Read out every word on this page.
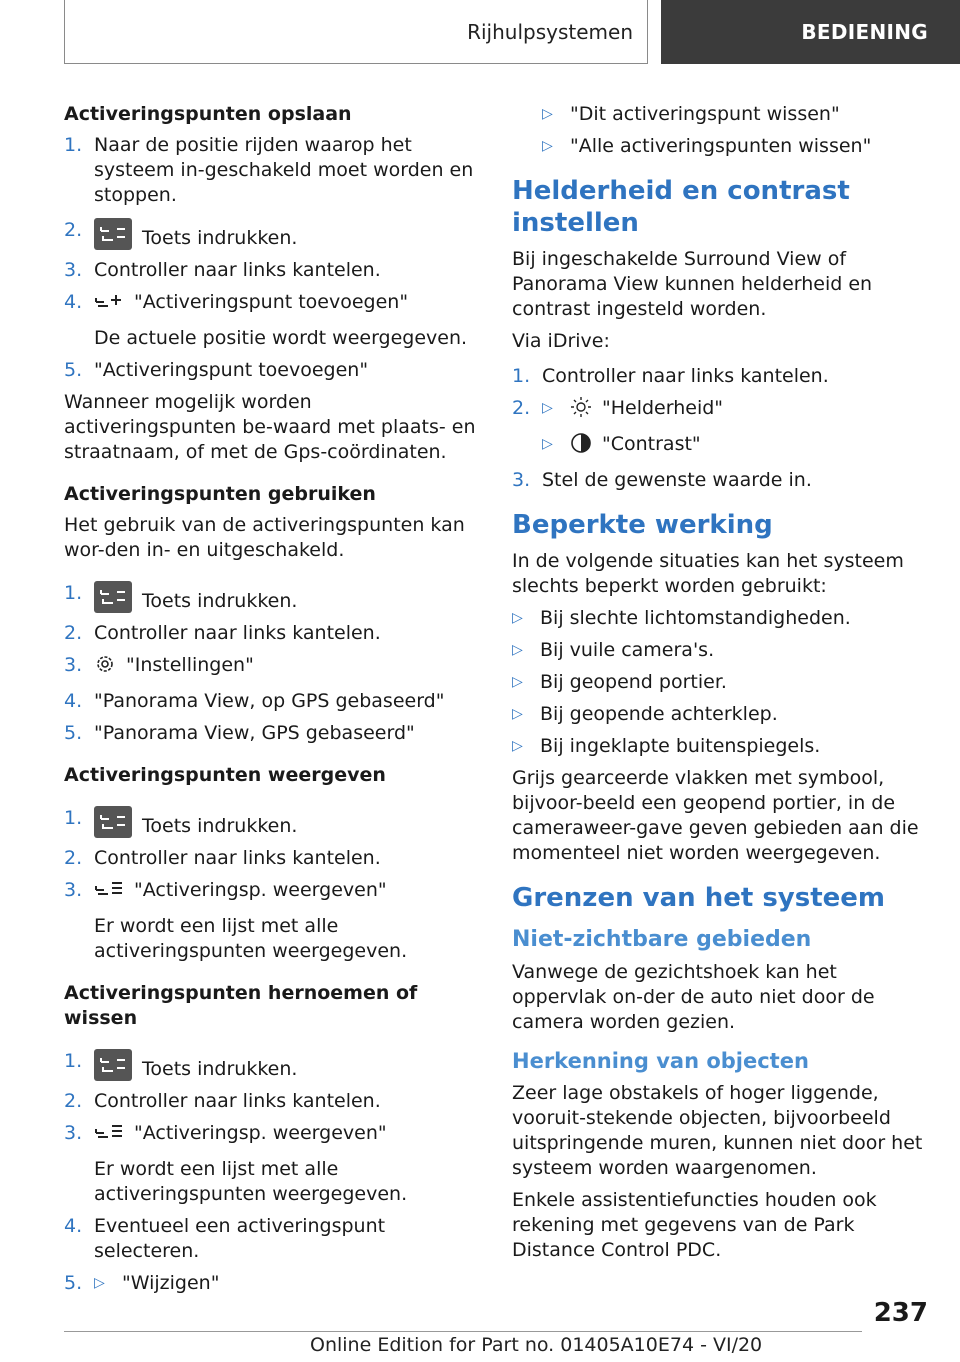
Rijhulpsystemen	BEDIENING
Activeringspunten opslaan
1. Naar de positie rijden waarop het systeem in-geschakeld moet worden en stoppen.
2.	Toets indrukken.
3. Controller naar links kantelen.
4.	"Activeringspunt toevoegen"
De actuele positie wordt weergegeven.
5. "Activeringspunt toevoegen"
Wanneer mogelijk worden activeringspunten be-waard met plaats- en straatnaam, of met de Gps-coördinaten.
Activeringspunten gebruiken
Het gebruik van de activeringspunten kan wor-den in- en uitgeschakeld.
1.	Toets indrukken.
2. Controller naar links kantelen.
3.	"Instellingen"
4. "Panorama View, op GPS gebaseerd"
5. "Panorama View, GPS gebaseerd"
Activeringspunten weergeven
1.	Toets indrukken.
2. Controller naar links kantelen.
3.	"Activeringsp. weergeven"
Er wordt een lijst met alle activeringspunten weergegeven.
Activeringspunten hernoemen of wissen
1.	Toets indrukken.
2. Controller naar links kantelen.
3.	"Activeringsp. weergeven"
Er wordt een lijst met alle activeringspunten weergegeven.
4. Eventueel een activeringspunt selecteren.
5. ▷ "Wijzigen"
▷ "Dit activeringspunt wissen"
▷ "Alle activeringspunten wissen"
Helderheid en contrast instellen
Bij ingeschakelde Surround View of Panorama View kunnen helderheid en contrast ingesteld worden.
Via iDrive:
1. Controller naar links kantelen.
2. ▷	"Helderheid"
▷	"Contrast"
3. Stel de gewenste waarde in.
Beperkte werking
In de volgende situaties kan het systeem slechts beperkt worden gebruikt:
▷ Bij slechte lichtomstandigheden.
▷ Bij vuile camera's.
▷ Bij geopend portier.
▷ Bij geopende achterklep.
▷ Bij ingeklapte buitenspiegels.
Grijs gearceerde vlakken met symbool, bijvoor-beeld een geopend portier, in de cameraweer-gave geven gebieden aan die momenteel niet worden weergegeven.
Grenzen van het systeem
Niet-zichtbare gebieden
Vanwege de gezichtshoek kan het oppervlak on-der de auto niet door de camera worden gezien.
Herkenning van objecten
Zeer lage obstakels of hoger liggende, vooruit-stekende objecten, bijvoorbeeld uitspringende muren, kunnen niet door het systeem worden waargenomen.
Enkele assistentiefuncties houden ook rekening met gegevens van de Park Distance Control PDC.
237
Online Edition for Part no. 01405A10E74 - VI/20
